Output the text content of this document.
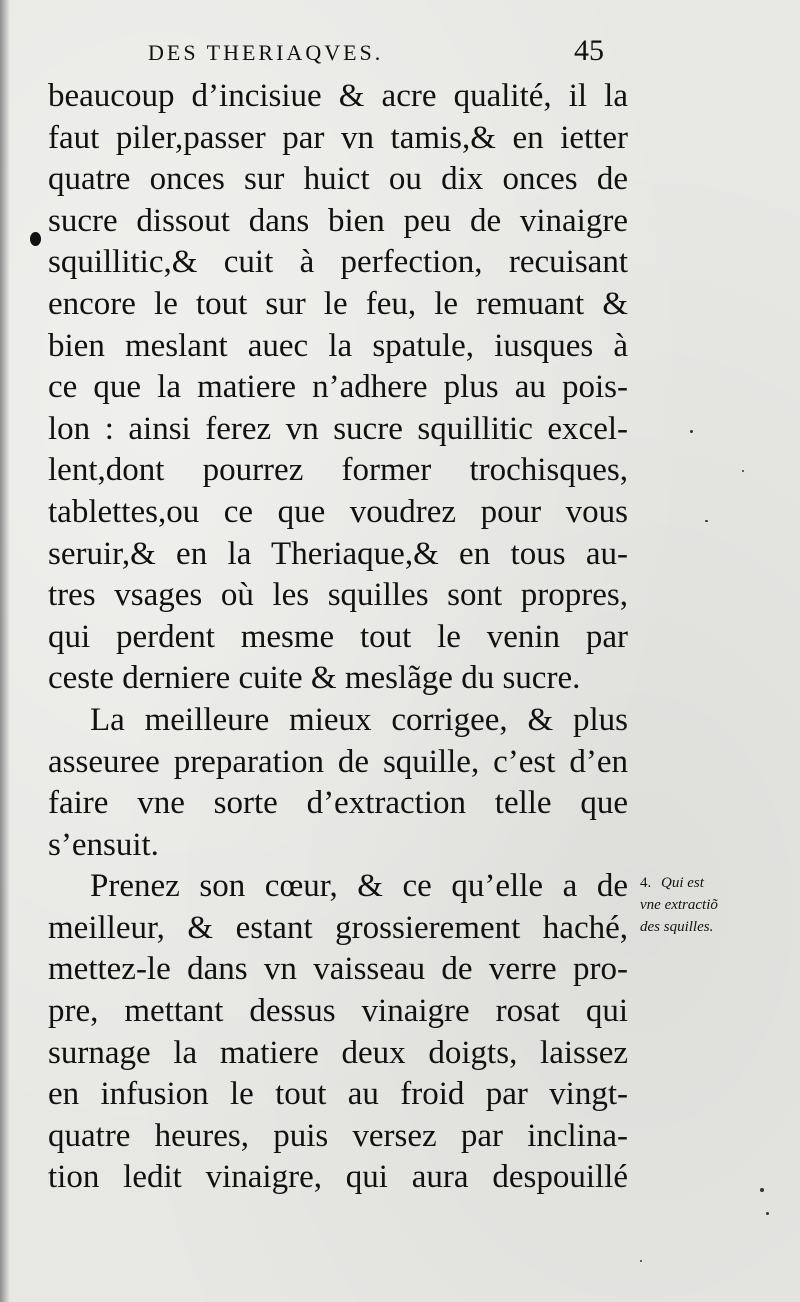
DES THERIAQVES.	45
beaucoup d’incisiue & acre qualité, il la
faut piler,passer par vn tamis,& en ietter
quatre onces sur huict ou dix onces de
sucre dissout dans bien peu de vinaigre
squillitic,& cuit à perfection, recuisant
encore le tout sur le feu, le remuant &
bien meslant auec la spatule, iusques à
ce que la matiere n’adhere plus au pois-
lon : ainsi ferez vn sucre squillitic excel-
lent,dont pourrez former trochisques,
tablettes,ou ce que voudrez pour vous
seruir,& en la Theriaque,& en tous au-
tres vsages où les squilles sont propres,
qui perdent mesme tout le venin par
ceste derniere cuite & meslãge du sucre.
La meilleure mieux corrigee, & plus
asseuree preparation de squille, c’est d’en
faire vne sorte d’extraction telle que
s’ensuit.
Prenez son cœur, & ce qu’elle a de
meilleur, & estant grossierement haché,
mettez-le dans vn vaisseau de verre pro-
pre, mettant dessus vinaigre rosat qui
surnage la matiere deux doigts, laissez
en infusion le tout au froid par vingt-
quatre heures, puis versez par inclina-
tion ledit vinaigre, qui aura despouillé
4. Qui est
vne extractiõ
des squilles.
